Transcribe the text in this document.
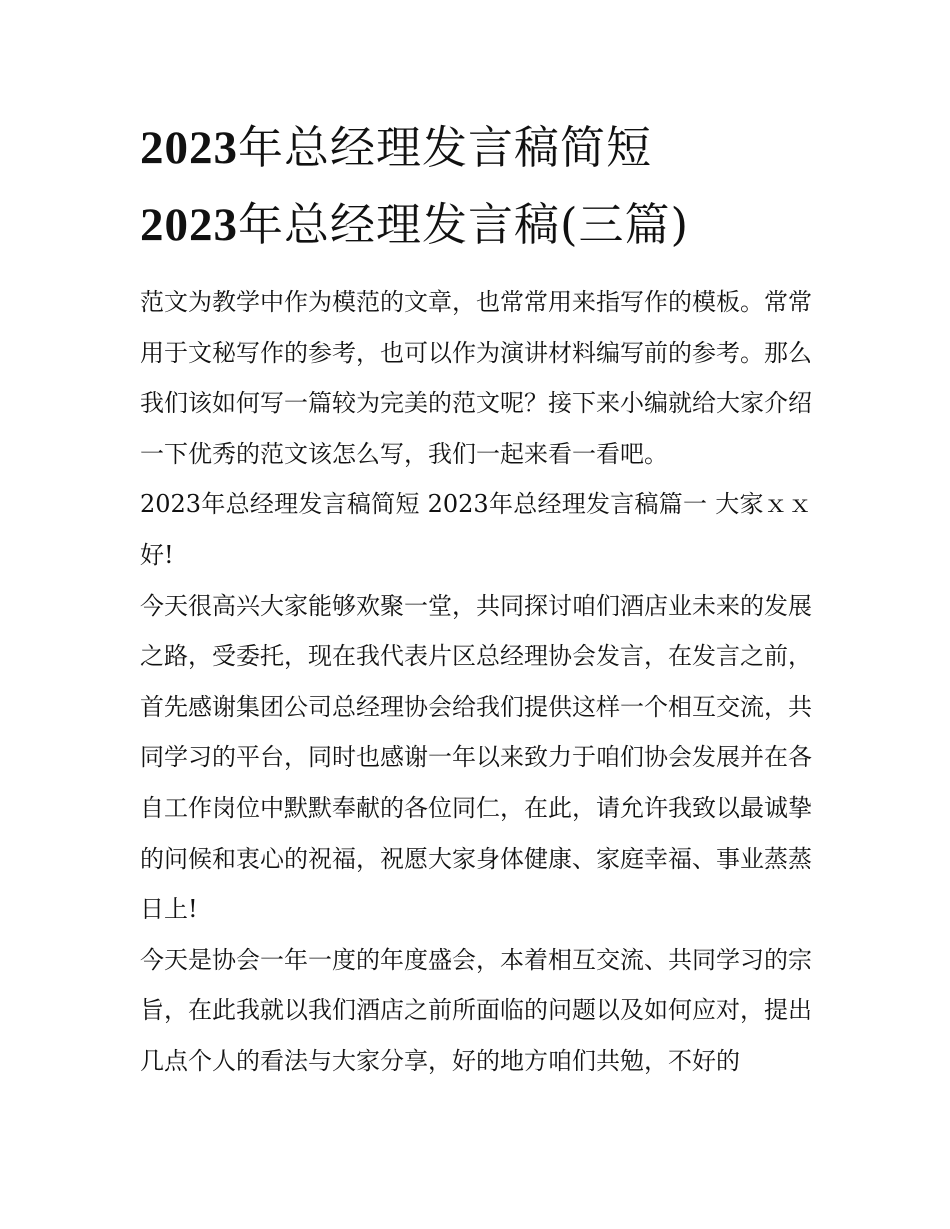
2023年总经理发言稿简短
2023年总经理发言稿(三篇)

范文为教学中作为模范的文章，也常常用来指写作的模板。常常用于文秘写作的参考，也可以作为演讲材料编写前的参考。那么我们该如何写一篇较为完美的范文呢？接下来小编就给大家介绍一下优秀的范文该怎么写，我们一起来看一看吧。

2023年总经理发言稿简短 2023年总经理发言稿篇一 大家ｘｘ好!

今天很高兴大家能够欢聚一堂，共同探讨咱们酒店业未来的发展之路，受委托，现在我代表片区总经理协会发言，在发言之前，首先感谢集团公司总经理协会给我们提供这样一个相互交流，共同学习的平台，同时也感谢一年以来致力于咱们协会发展并在各自工作岗位中默默奉献的各位同仁，在此，请允许我致以最诚挚的问候和衷心的祝福，祝愿大家身体健康、家庭幸福、事业蒸蒸日上!

今天是协会一年一度的年度盛会，本着相互交流、共同学习的宗旨，在此我就以我们酒店之前所面临的问题以及如何应对，提出几点个人的看法与大家分享，好的地方咱们共勉，不好的
